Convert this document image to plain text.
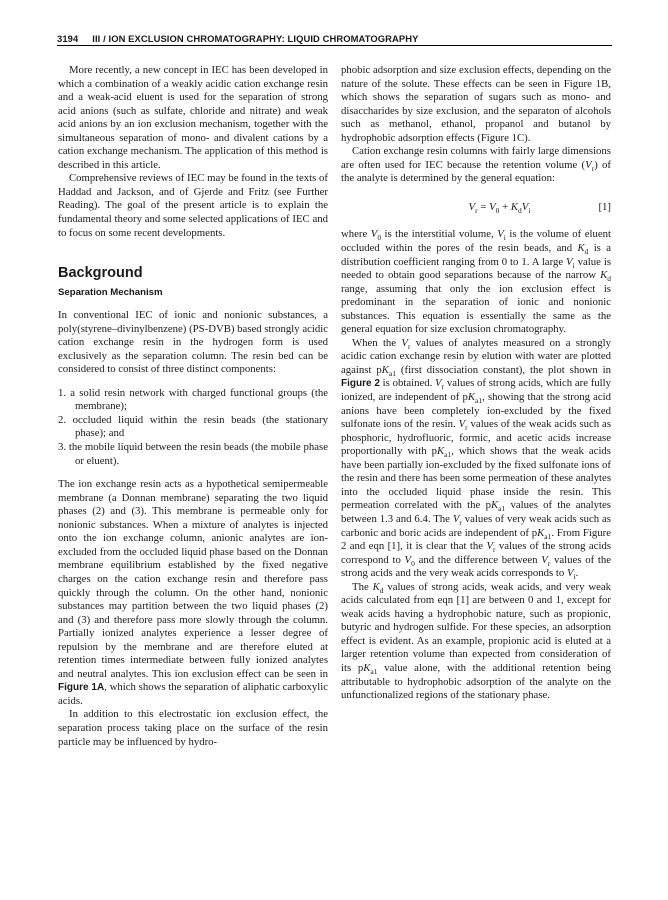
3194 III / ION EXCLUSION CHROMATOGRAPHY: LIQUID CHROMATOGRAPHY

More recently, a new concept in IEC has been developed in which a combination of a weakly acidic cation exchange resin and a weak-acid eluent is used for the separation of strong acid anions (such as sulfate, chloride and nitrate) and weak acid anions by an ion exclusion mechanism, together with the simultaneous separation of mono- and divalent cations by a cation exchange mechanism. The application of this method is described in this article.

Comprehensive reviews of IEC may be found in the texts of Haddad and Jackson, and of Gjerde and Fritz (see Further Reading). The goal of the present article is to explain the fundamental theory and some selected applications of IEC and to focus on some recent developments.

Background
Separation Mechanism

In conventional IEC of ionic and nonionic substances, a poly(styrene–divinylbenzene) (PS-DVB) based strongly acidic cation exchange resin in the hydrogen form is used exclusively as the separation column. The resin bed can be considered to consist of three distinct components:

1. a solid resin network with charged functional groups (the membrane);
2. occluded liquid within the resin beads (the stationary phase); and
3. the mobile liquid between the resin beads (the mobile phase or eluent).

The ion exchange resin acts as a hypothetical semipermeable membrane (a Donnan membrane) separating the two liquid phases (2) and (3). This membrane is permeable only for nonionic substances. When a mixture of analytes is injected onto the ion exchange column, anionic analytes are ion-excluded from the occluded liquid phase based on the Donnan membrane equilibrium established by the fixed negative charges on the cation exchange resin and therefore pass quickly through the column. On the other hand, nonionic substances may partition between the two liquid phases (2) and (3) and therefore pass more slowly through the column. Partially ionized analytes experience a lesser degree of repulsion by the membrane and are therefore eluted at retention times intermediate between fully ionized analytes and neutral analytes. This ion exclusion effect can be seen in Figure 1A, which shows the separation of aliphatic carboxylic acids.

In addition to this electrostatic ion exclusion effect, the separation process taking place on the surface of the resin particle may be influenced by hydro-

phobic adsorption and size exclusion effects, depending on the nature of the solute. These effects can be seen in Figure 1B, which shows the separation of sugars such as mono- and disaccharides by size exclusion, and the separaton of alcohols such as methanol, ethanol, propanol and butanol by hydrophobic adsorption effects (Figure 1C).

Cation exchange resin columns with fairly large dimensions are often used for IEC because the retention volume $(V_r)$ of the analyte is determined by the general equation:

$V_r = V_0 + K_dV_i$	[1]

where $V_0$ is the interstitial volume, $V_i$ is the volume of eluent occluded within the pores of the resin beads, and $K_d$ is a distribution coefficient ranging from 0 to 1. A large $V_i$ value is needed to obtain good separations because of the narrow $K_d$ range, assuming that only the ion exclusion effect is predominant in the separation of ionic and nonionic substances. This equation is essentially the same as the general equation for size exclusion chromatography.

When the $V_r$ values of analytes measured on a strongly acidic cation exchange resin by elution with water are plotted against $pK_{a1}$ (first dissociation constant), the plot shown in Figure 2 is obtained. $V_r$ values of strong acids, which are fully ionized, are independent of $pK_{a1}$, showing that the strong acid anions have been completely ion-excluded by the fixed sulfonate ions of the resin. $V_r$ values of the weak acids such as phosphoric, hydrofluoric, formic, and acetic acids increase proportionally with $pK_{a1}$, which shows that the weak acids have been partially ion-excluded by the fixed sulfonate ions of the resin and there has been some permeation of these analytes into the occluded liquid phase inside the resin. This permeation correlated with the $pK_{a1}$ values of the analytes between 1.3 and 6.4. The $V_r$ values of very weak acids such as carbonic and boric acids are independent of $pK_{a1}$. From Figure 2 and eqn [1], it is clear that the $V_r$ values of the strong acids correspond to $V_0$ and the difference between $V_r$ values of the strong acids and the very weak acids corresponds to $V_i$.

The $K_d$ values of strong acids, weak acids, and very weak acids calculated from eqn [1] are between 0 and 1, except for weak acids having a hydrophobic nature, such as propionic, butyric and hydrogen sulfide. For these species, an adsorption effect is evident. As an example, propionic acid is eluted at a larger retention volume than expected from consideration of its $pK_{a1}$ value alone, with the additional retention being attributable to hydrophobic adsorption of the analyte on the unfunctionalized regions of the stationary phase.
